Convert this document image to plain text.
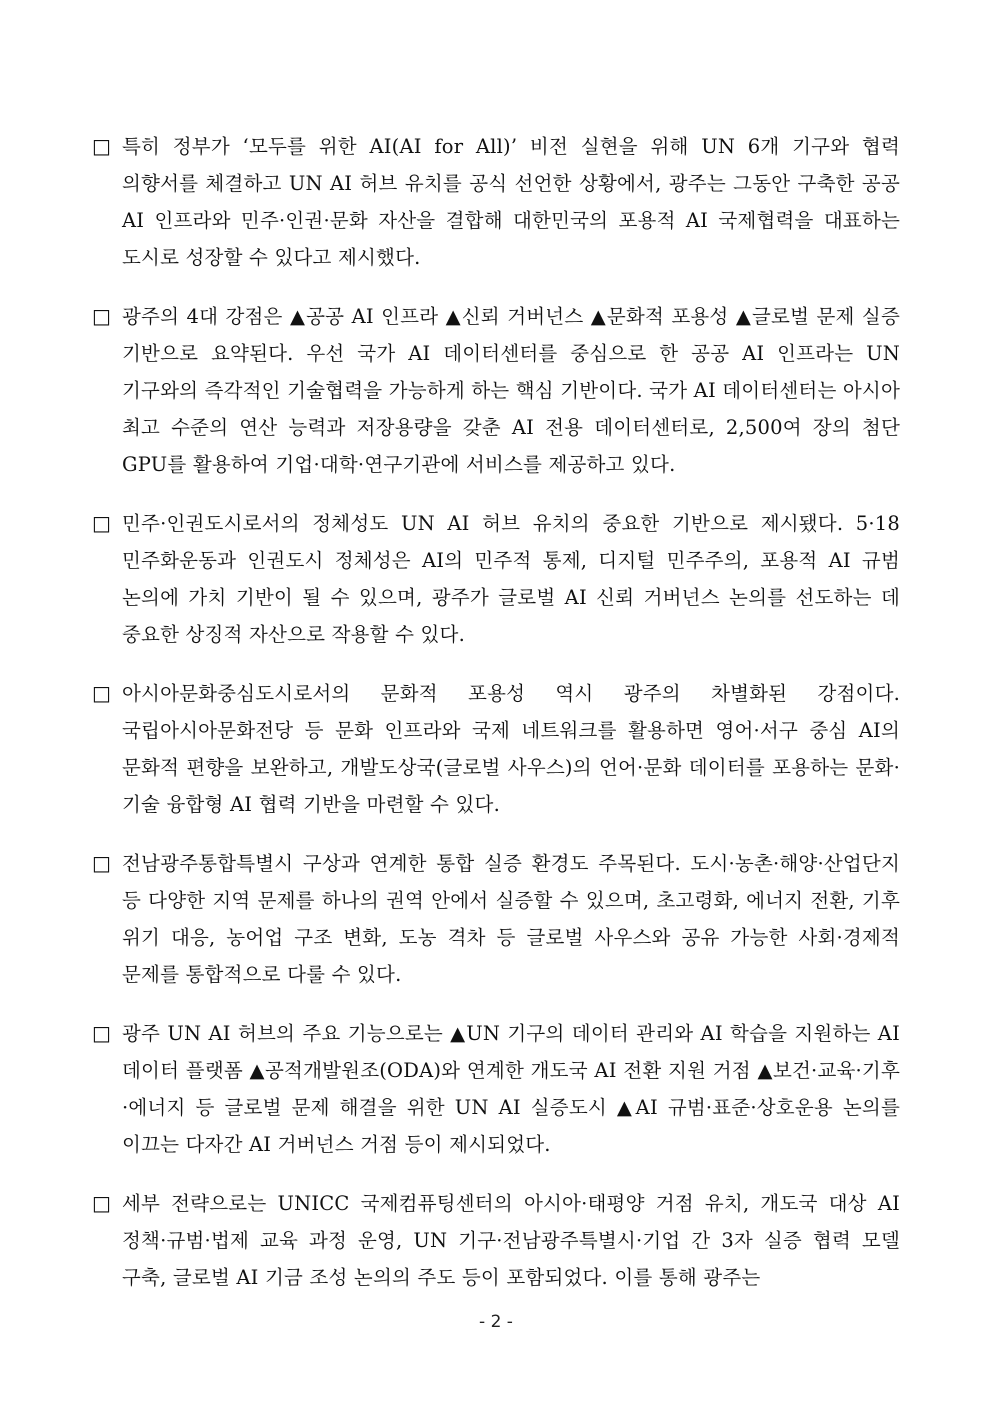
□ 특히 정부가 ‘모두를 위한 AI(AI for All)’ 비전 실현을 위해 UN 6개 기구와 협력 의향서를 체결하고 UN AI 허브 유치를 공식 선언한 상황에서, 광주는 그동안 구축한 공공 AI 인프라와 민주·인권·문화 자산을 결합해 대한민국의 포용적 AI 국제협력을 대표하는 도시로 성장할 수 있다고 제시했다.
□ 광주의 4대 강점은 ▲공공 AI 인프라 ▲신뢰 거버넌스 ▲문화적 포용성 ▲글로벌 문제 실증 기반으로 요약된다. 우선 국가 AI 데이터센터를 중심으로 한 공공 AI 인프라는 UN 기구와의 즉각적인 기술협력을 가능하게 하는 핵심 기반이다. 국가 AI 데이터센터는 아시아 최고 수준의 연산 능력과 저장용량을 갖춘 AI 전용 데이터센터로, 2,500여 장의 첨단 GPU를 활용하여 기업·대학·연구기관에 서비스를 제공하고 있다.
□ 민주·인권도시로서의 정체성도 UN AI 허브 유치의 중요한 기반으로 제시됐다. 5·18 민주화운동과 인권도시 정체성은 AI의 민주적 통제, 디지털 민주주의, 포용적 AI 규범 논의에 가치 기반이 될 수 있으며, 광주가 글로벌 AI 신뢰 거버넌스 논의를 선도하는 데 중요한 상징적 자산으로 작용할 수 있다.
□ 아시아문화중심도시로서의 문화적 포용성 역시 광주의 차별화된 강점이다. 국립아시아문화전당 등 문화 인프라와 국제 네트워크를 활용하면 영어·서구 중심 AI의 문화적 편향을 보완하고, 개발도상국(글로벌 사우스)의 언어·문화 데이터를 포용하는 문화·기술 융합형 AI 협력 기반을 마련할 수 있다.
□ 전남광주통합특별시 구상과 연계한 통합 실증 환경도 주목된다. 도시·농촌·해양·산업단지 등 다양한 지역 문제를 하나의 권역 안에서 실증할 수 있으며, 초고령화, 에너지 전환, 기후 위기 대응, 농어업 구조 변화, 도농 격차 등 글로벌 사우스와 공유 가능한 사회·경제적 문제를 통합적으로 다룰 수 있다.
□ 광주 UN AI 허브의 주요 기능으로는 ▲UN 기구의 데이터 관리와 AI 학습을 지원하는 AI 데이터 플랫폼 ▲공적개발원조(ODA)와 연계한 개도국 AI 전환 지원 거점 ▲보건·교육·기후·에너지 등 글로벌 문제 해결을 위한 UN AI 실증도시 ▲AI 규범·표준·상호운용 논의를 이끄는 다자간 AI 거버넌스 거점 등이 제시되었다.
□ 세부 전략으로는 UNICC 국제컴퓨팅센터의 아시아·태평양 거점 유치, 개도국 대상 AI 정책·규범·법제 교육 과정 운영, UN 기구·전남광주특별시·기업 간 3자 실증 협력 모델 구축, 글로벌 AI 기금 조성 논의의 주도 등이 포함되었다. 이를 통해 광주는
- 2 -
